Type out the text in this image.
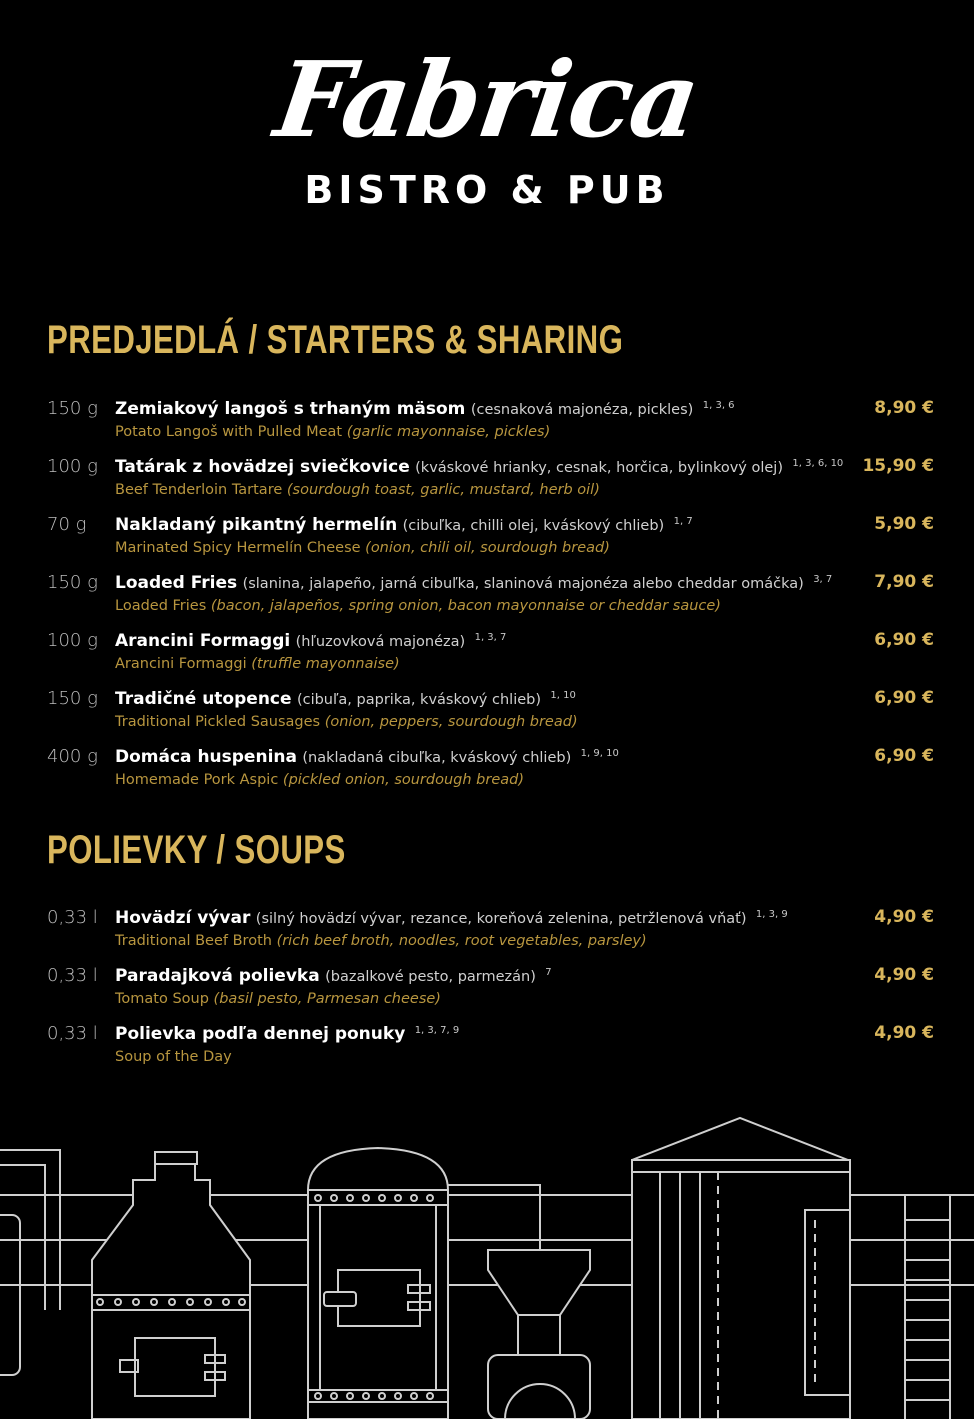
Fabrica
BISTRO & PUB
PREDJEDLÁ / STARTERS & SHARING
150 g Zemiakový langoš s trhaným mäsom (cesnaková majonéza, pickles) $^{1, 3, 6}$
Potato Langoš with Pulled Meat (garlic mayonnaise, pickles)
8,90 €
100 g Tatárak z hovädzej sviečkovice (kváskové hrianky, cesnak, horčica, bylinkový olej) $^{1, 3, 6, 10}$
Beef Tenderloin Tartare (sourdough toast, garlic, mustard, herb oil)
15,90 €
70 g Nakladaný pikantný hermelín (cibuľka, chilli olej, kváskový chlieb) $^{1, 7}$
Marinated Spicy Hermelín Cheese (onion, chili oil, sourdough bread)
5,90 €
150 g Loaded Fries (slanina, jalapeño, jarná cibuľka, slaninová majonéza alebo cheddar omáčka) $^{3, 7}$
Loaded Fries (bacon, jalapeños, spring onion, bacon mayonnaise or cheddar sauce)
7,90 €
100 g Arancini Formaggi (hľuzovková majonéza) $^{1, 3, 7}$
Arancini Formaggi (truffle mayonnaise)
6,90 €
150 g Tradičné utopence (cibuľa, paprika, kváskový chlieb) $^{1, 10}$
Traditional Pickled Sausages (onion, peppers, sourdough bread)
6,90 €
400 g Domáca huspenina (nakladaná cibuľka, kváskový chlieb) $^{1, 9, 10}$
Homemade Pork Aspic (pickled onion, sourdough bread)
6,90 €
POLIEVKY / SOUPS
0,33 l Hovädzí vývar (silný hovädzí vývar, rezance, koreňová zelenina, petržlenová vňať) $^{1, 3, 9}$
Traditional Beef Broth (rich beef broth, noodles, root vegetables, parsley)
4,90 €
0,33 l Paradajková polievka (bazalkové pesto, parmezán) $^7$
Tomato Soup (basil pesto, Parmesan cheese)
4,90 €
0,33 l Polievka podľa dennej ponuky $^{1, 3, 7, 9}$
Soup of the Day
4,90 €
